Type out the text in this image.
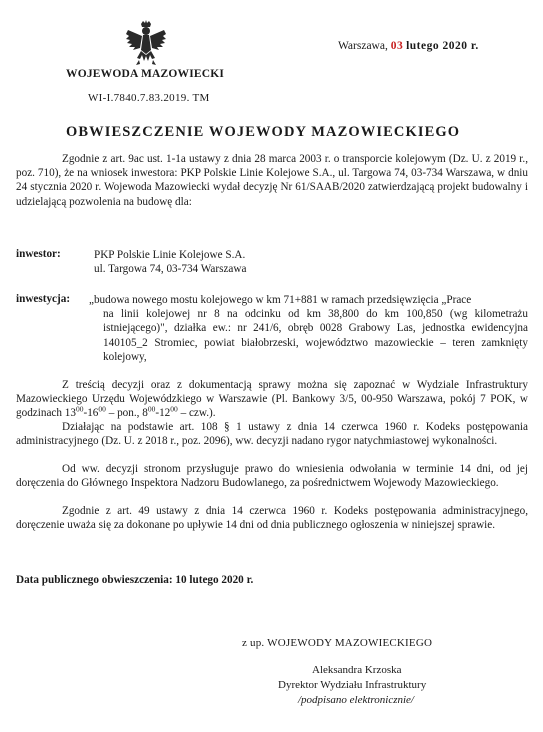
WOJEWODA MAZOWIECKI
WI-I.7840.7.83.2019. TM
Warszawa, 03 lutego 2020 r.
OBWIESZCZENIE WOJEWODY MAZOWIECKIEGO
Zgodnie z art. 9ac ust. 1-1a ustawy z dnia 28 marca 2003 r. o transporcie kolejowym (Dz. U. z 2019 r., poz. 710), że na wniosek inwestora: PKP Polskie Linie Kolejowe S.A., ul. Targowa 74, 03-734 Warszawa, w dniu 24 stycznia 2020 r. Wojewoda Mazowiecki wydał decyzję Nr 61/SAAB/2020 zatwierdzającą projekt budowalny i udzielającą pozwolenia na budowę dla:
inwestor:	PKP Polskie Linie Kolejowe S.A.
ul. Targowa 74, 03-734 Warszawa
inwestycja: „budowa nowego mostu kolejowego w km 71+881 w ramach przedsięwzięcia „Prace
na linii kolejowej nr 8 na odcinku od km 38,800 do km 100,850 (wg kilometrażu istniejącego)", działka ew.: nr 241/6, obręb 0028 Grabowy Las, jednostka ewidencyjna 140105_2 Stromiec, powiat białobrzeski, województwo mazowieckie – teren zamknięty kolejowy,
Z treścią decyzji oraz z dokumentacją sprawy można się zapoznać w Wydziale Infrastruktury Mazowieckiego Urzędu Wojewódzkiego w Warszawie (Pl. Bankowy 3/5, 00-950 Warszawa, pokój 7 POK, w godzinach $13^{00}-16^{00}$ – pon., $8^{00}-12^{00} - czw$.).
Działając na podstawie art. 108 § 1 ustawy z dnia 14 czerwca 1960 r. Kodeks postępowania administracyjnego (Dz. U. z 2018 r., poz. 2096), ww. decyzji nadano rygor natychmiastowej wykonalności.
Od ww. decyzji stronom przysługuje prawo do wniesienia odwołania w terminie 14 dni, od jej doręczenia do Głównego Inspektora Nadzoru Budowlanego, za pośrednictwem Wojewody Mazowieckiego.
Zgodnie z art. 49 ustawy z dnia 14 czerwca 1960 r. Kodeks postępowania administracyjnego, doręczenie uważa się za dokonane po upływie 14 dni od dnia publicznego ogłoszenia w niniejszej sprawie.
Data publicznego obwieszczenia: 10 lutego 2020 r.
z up. WOJEWODY MAZOWIECKIEGO
Aleksandra Krzoska
Dyrektor Wydziału Infrastruktury
/podpisano elektronicznie/
